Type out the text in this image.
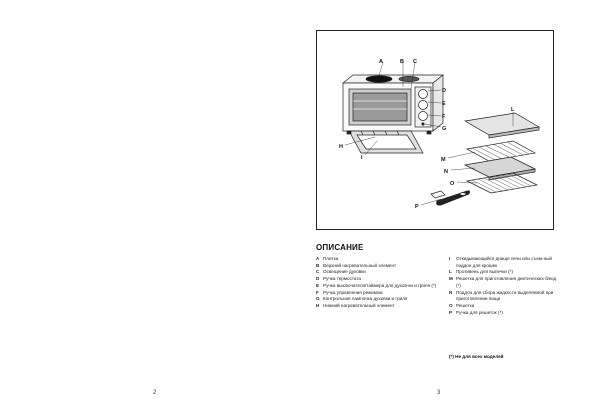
2	3
A	B C
D
E
F
G
H
I
L
M
N
O
P
ОПИСАНИЕ
A Плитка
B Верхний нагревательный элемент
C Освещение духовки
D Ручка термостата
E Ручка выключателя/таймера для духов-ки и гриля (*)
F Ручка управления режимом
G Контрольная лампочка духовки и гриля
H Нижний нагревательный элемент
I	Откидывающийся днище печи или съем-ный поддон для крошек
L Противень для выпечки (*)
M Решетка для приготовления диетических блюд (*)
N Поддон для сбора жидкости выделяемой при приготовлении пищи
O Решетка
P Ручка для решеток (*)
(*) Не для всех моделей
